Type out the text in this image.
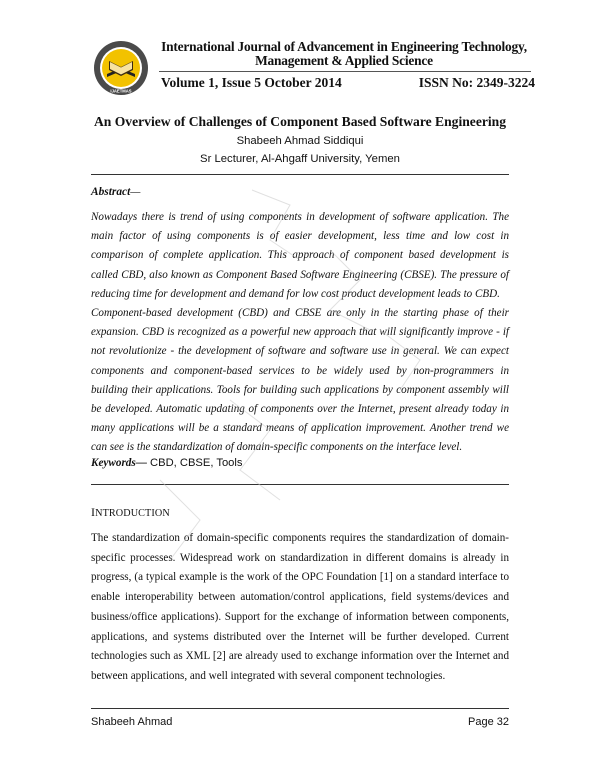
IJAETMAS
International Journal of Advancement in Engineering Technology,
Management & Applied Science
Volume 1, Issue 5 October 2014	ISSN No: 2349-3224
An Overview of Challenges of Component Based Software Engineering
Shabeeh Ahmad Siddiqui
Sr Lecturer, Al-Ahgaff University, Yemen
Abstract—

Nowadays there is trend of using components in development of software application. The main factor of using components is of easier development, less time and low cost in comparison of complete application. This approach of component based development is called CBD, also known as Component Based Software Engineering (CBSE). The pressure of reducing time for development and demand for low cost product development leads to CBD.

Component-based development (CBD) and CBSE are only in the starting phase of their expansion. CBD is recognized as a powerful new approach that will significantly improve - if not revolutionize - the development of software and software use in general. We can expect components and component-based services to be widely used by non-programmers in building their applications. Tools for building such applications by component assembly will be developed. Automatic updating of components over the Internet, present already today in many applications will be a standard means of application improvement. Another trend we can see is the standardization of domain-specific components on the interface level.

Keywords— CBD, CBSE, Tools
INTRODUCTION

The standardization of domain-specific components requires the standardization of domain-specific processes. Widespread work on standardization in different domains is already in progress, (a typical example is the work of the OPC Foundation [1] on a standard interface to enable interoperability between automation/control applications, field systems/devices and business/office applications). Support for the exchange of information between components, applications, and systems distributed over the Internet will be further developed. Current technologies such as XML [2] are already used to exchange information over the Internet and between applications, and well integrated with several component technologies.

Shabeeh Ahmad	Page 32
